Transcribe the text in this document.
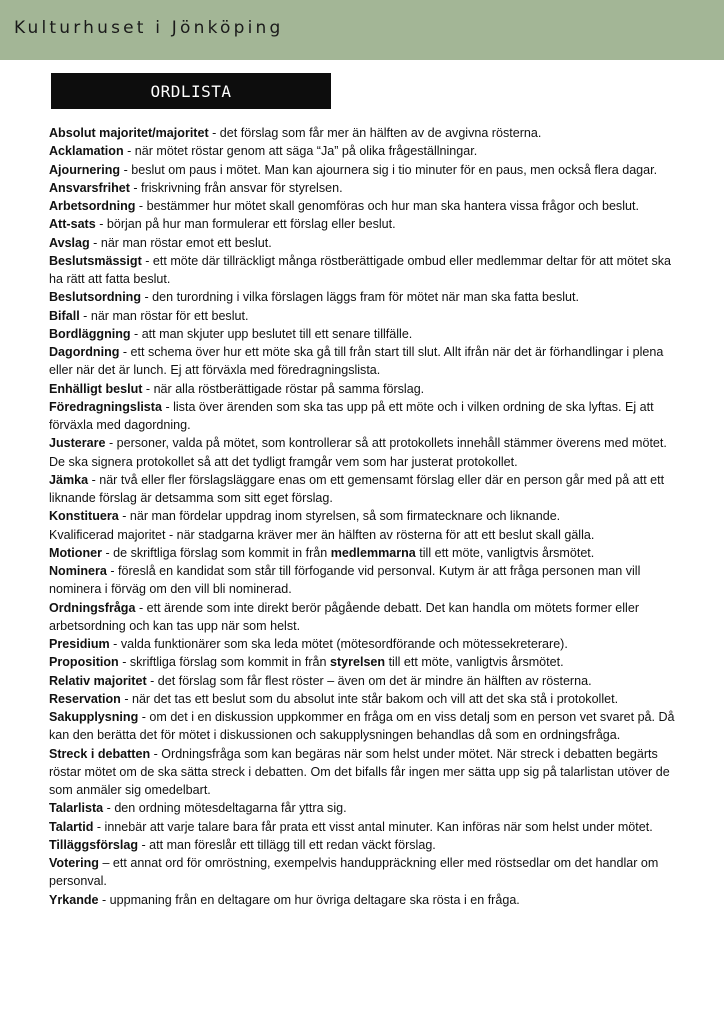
Kulturhuset i Jönköping
ORDLISTA

Absolut majoritet/majoritet - det förslag som får mer än hälften av de avgivna rösterna.

Acklamation - när mötet röstar genom att säga “Ja” på olika frågeställningar.

Ajournering - beslut om paus i mötet. Man kan ajournera sig i tio minuter för en paus, men också flera dagar.

Ansvarsfrihet - friskrivning från ansvar för styrelsen.

Arbetsordning - bestämmer hur mötet skall genomföras och hur man ska hantera vissa frågor och beslut.

Att-sats - början på hur man formulerar ett förslag eller beslut.

Avslag - när man röstar emot ett beslut.

Beslutsmässigt - ett möte där tillräckligt många röstberättigade ombud eller medlemmar deltar för att mötet ska ha rätt att fatta beslut.

Beslutsordning - den turordning i vilka förslagen läggs fram för mötet när man ska fatta beslut.

Bifall - när man röstar för ett beslut.

Bordläggning - att man skjuter upp beslutet till ett senare tillfälle.

Dagordning - ett schema över hur ett möte ska gå till från start till slut. Allt ifrån när det är förhandlingar i plena eller när det är lunch. Ej att förväxla med föredragningslista.

Enhälligt beslut - när alla röstberättigade röstar på samma förslag.

Föredragningslista - lista över ärenden som ska tas upp på ett möte och i vilken ordning de ska lyftas. Ej att förväxla med dagordning.

Justerare - personer, valda på mötet, som kontrollerar så att protokollets innehåll stämmer överens med mötet. De ska signera protokollet så att det tydligt framgår vem som har justerat protokollet.

Jämka - när två eller fler förslagsläggare enas om ett gemensamt förslag eller där en person går med på att ett liknande förslag är detsamma som sitt eget förslag.

Konstituera - när man fördelar uppdrag inom styrelsen, så som firmatecknare och liknande.

Kvalificerad majoritet - när stadgarna kräver mer än hälften av rösterna för att ett beslut skall gälla.

Motioner - de skriftliga förslag som kommit in från medlemmarna till ett möte, vanligtvis årsmötet.

Nominera - föreslå en kandidat som står till förfogande vid personval. Kutym är att fråga personen man vill nominera i förväg om den vill bli nominerad.

Ordningsfråga - ett ärende som inte direkt berör pågående debatt. Det kan handla om mötets former eller arbetsordning och kan tas upp när som helst.

Presidium - valda funktionärer som ska leda mötet (mötesordförande och mötessekreterare).

Proposition - skriftliga förslag som kommit in från styrelsen till ett möte, vanligtvis årsmötet.

Relativ majoritet - det förslag som får flest röster – även om det är mindre än hälften av rösterna.

Reservation - när det tas ett beslut som du absolut inte står bakom och vill att det ska stå i protokollet.

Sakupplysning - om det i en diskussion uppkommer en fråga om en viss detalj som en person vet svaret på. Då kan den berätta det för mötet i diskussionen och sakupplysningen behandlas då som en ordningsfråga.

Streck i debatten - Ordningsfråga som kan begäras när som helst under mötet. När streck i debatten begärts röstar mötet om de ska sätta streck i debatten. Om det bifalls får ingen mer sätta upp sig på talarlistan utöver de som anmäler sig omedelbart.

Talarlista - den ordning mötesdeltagarna får yttra sig.

Talartid - innebär att varje talare bara får prata ett visst antal minuter. Kan införas när som helst under mötet.

Tilläggsförslag - att man föreslår ett tillägg till ett redan väckt förslag.

Votering – ett annat ord för omröstning, exempelvis handuppräckning eller med röstsedlar om det handlar om personval.

Yrkande - uppmaning från en deltagare om hur övriga deltagare ska rösta i en fråga.
